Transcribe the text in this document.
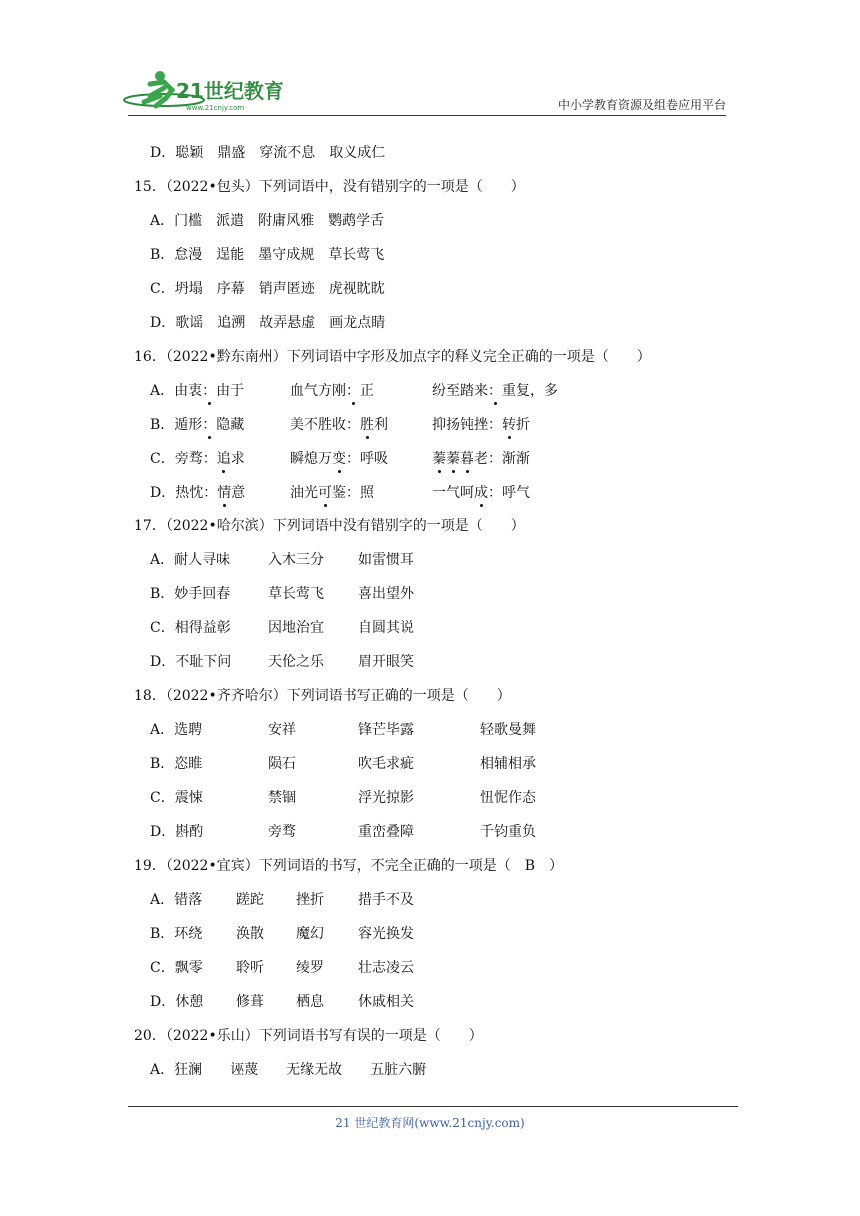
21世纪教育
www.21cnjy.com	中小学教育资源及组卷应用平台
D．聪颖　鼎盛　穿流不息　取义成仁
15．（2022•包头）下列词语中，没有错别字的一项是（　　）
A．门槛　派遣　附庸风雅　鹦鹉学舌
B．怠漫　逞能　墨守成规　草长莺飞
C．坍塌　序幕　销声匿迹　虎视眈眈
D．歌谣　追溯　故弄悬虚　画龙点睛
16．（2022•黔东南州）下列词语中字形及加点字的释义完全正确的一项是（　　）
A．由衷：由于	血气方刚：正	纷至踏来：重复，多
B．遁形：隐藏	美不胜收：胜利	抑扬钝挫：转折
C．旁骛：追求	瞬熄万变：呼吸	蓁蓁暮老：渐渐
D．热忱：情意	油光可鉴：照	一气呵成：呼气
17．（2022•哈尔滨）下列词语中没有错别字的一项是（　　）
A．耐人寻味	入木三分 如雷惯耳
B．妙手回春	草长莺飞 喜出望外
C．相得益彰	因地治宜 自圆其说
D．不耻下问	天伦之乐 眉开眼笑
18．（2022•齐齐哈尔）下列词语书写正确的一项是（　　）
A．选聘	安祥	锋芒毕露	轻歌曼舞
B．恣睢	陨石	吹毛求疵	相辅相承
C．震悚	禁锢	浮光掠影	忸怩作态
D．斟酌	旁骛	重峦叠障	千钧重负
19．（2022•宜宾）下列词语的书写，不完全正确的一项是（　B　）
A．错落 蹉跎 挫折 措手不及
B．环绕 涣散 魔幻 容光换发
C．飘零 聆听 绫罗 壮志凌云
D．休憩 修葺 栖息 休戚相关
20．（2022•乐山）下列词语书写有误的一项是（　　）
A．狂澜　　诬蔑　　无缘无故　　五脏六腑
21 世纪教育网(www.21cnjy.com)
